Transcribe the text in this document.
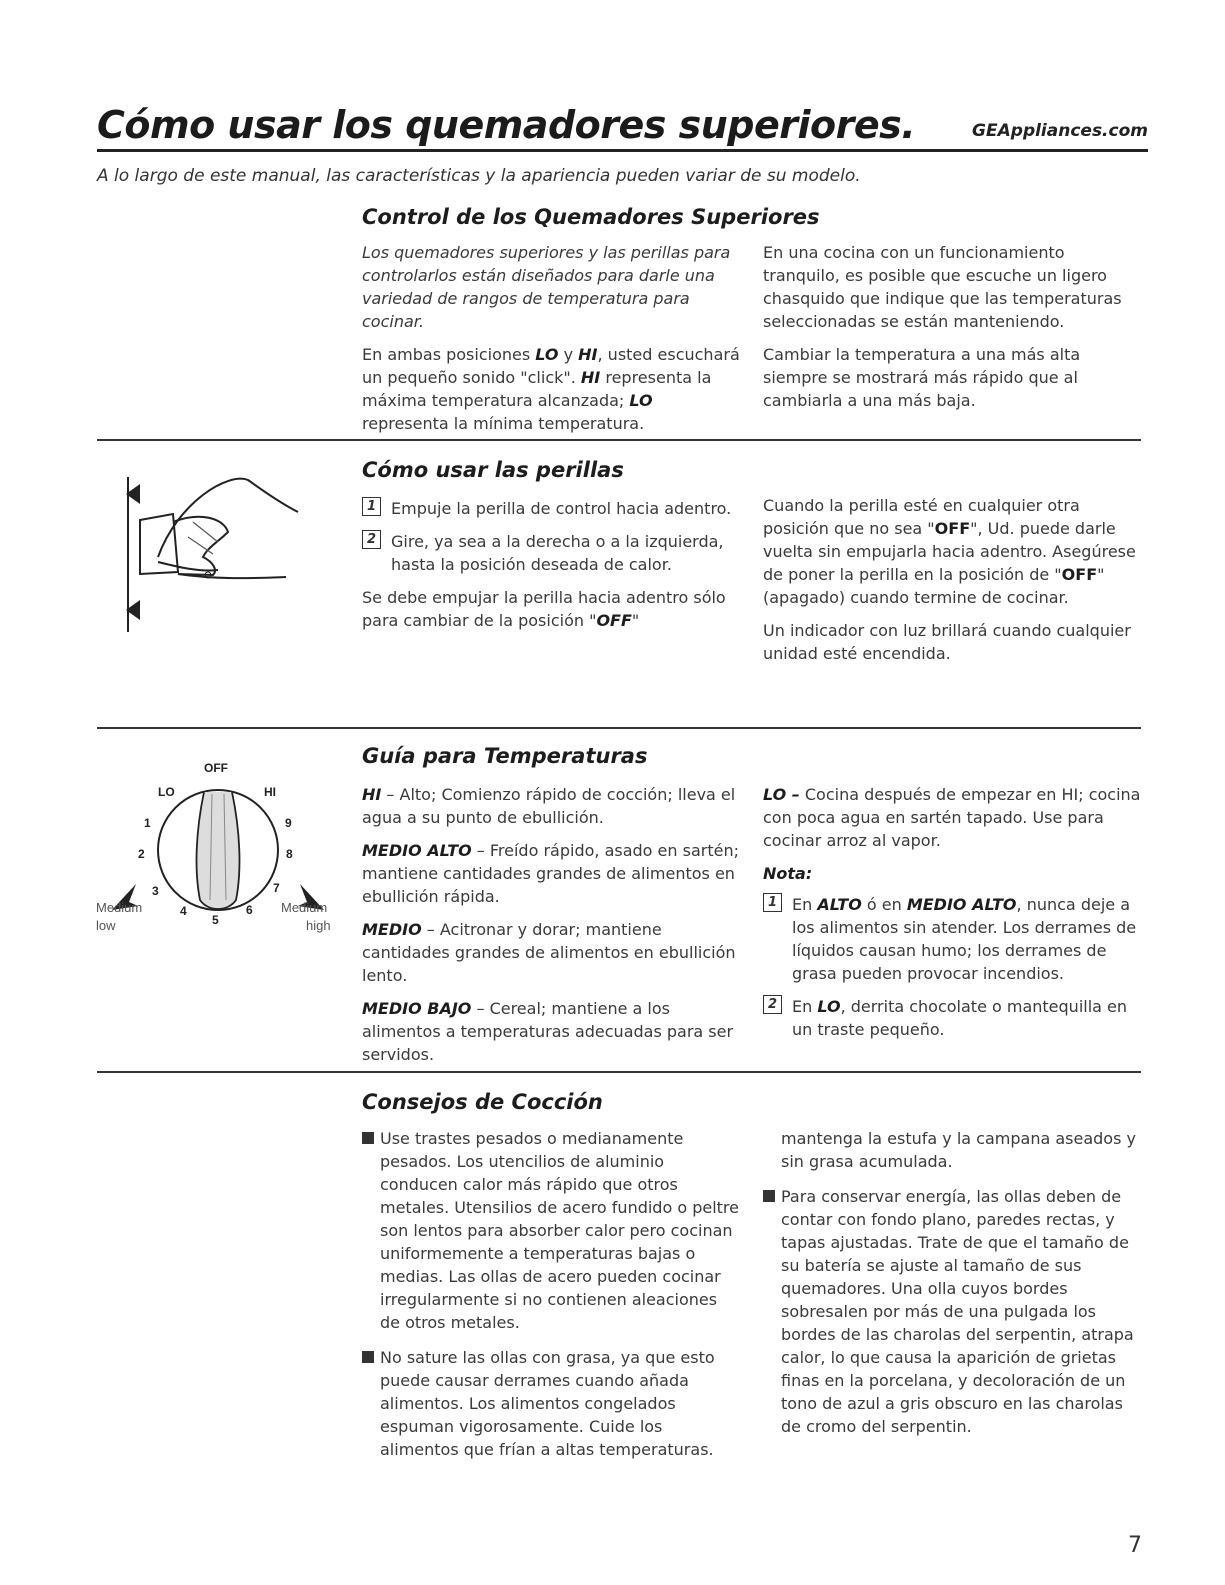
Cómo usar los quemadores superiores.	GEAppliances.com
A lo largo de este manual, las características y la apariencia pueden variar de su modelo.
Control de los Quemadores Superiores

Los quemadores superiores y las perillas para controlarlos están diseñados para darle una variedad de rangos de temperatura para cocinar.

En ambas posiciones LO y HI, usted escuchará un pequeño sonido "click". HI representa la máxima temperatura alcanzada; LO representa la mínima temperatura.

En una cocina con un funcionamiento tranquilo, es posible que escuche un ligero chasquido que indique que las temperaturas seleccionadas se están manteniendo.

Cambiar la temperatura a una más alta siempre se mostrará más rápido que al cambiarla a una más baja.

Cómo usar las perillas
1 Empuje la perilla de control hacia adentro.
2 Gire, ya sea a la derecha o a la izquierda, hasta la posición deseada de calor.

Se debe empujar la perilla hacia adentro sólo para cambiar de la posición "OFF"

Cuando la perilla esté en cualquier otra posición que no sea "OFF", Ud. puede darle vuelta sin empujarla hacia adentro. Asegúrese de poner la perilla en la posición de "OFF" (apagado) cuando termine de cocinar.

Un indicador con luz brillará cuando cualquier unidad esté encendida.

OFF
LO	HI
1
2
3
4
5
6
7
8
9
Medium
low
Medium
high
Guía para Temperaturas

HI – Alto; Comienzo rápido de cocción; lleva el agua a su punto de ebullición.

MEDIO ALTO – Freído rápido, asado en sartén; mantiene cantidades grandes de alimentos en ebullición rápida.

MEDIO – Acitronar y dorar; mantiene cantidades grandes de alimentos en ebullición lento.

MEDIO BAJO – Cereal; mantiene a los alimentos a temperaturas adecuadas para ser servidos.

LO – Cocina después de empezar en HI; cocina con poca agua en sartén tapado. Use para cocinar arroz al vapor.

Nota:

1 En ALTO ó en MEDIO ALTO, nunca deje a los alimentos sin atender. Los derrames de líquidos causan humo; los derrames de grasa pueden provocar incendios.
2 En LO, derrita chocolate o mantequilla en un traste pequeño.
Consejos de Cocción
Use trastes pesados o medianamente pesados. Los utencilios de aluminio conducen calor más rápido que otros metales. Utensilios de acero fundido o peltre son lentos para absorber calor pero cocinan uniformemente a temperaturas bajas o medias. Las ollas de acero pueden cocinar irregularmente si no contienen aleaciones de otros metales.
No sature las ollas con grasa, ya que esto puede causar derrames cuando añada alimentos. Los alimentos congelados espuman vigorosamente. Cuide los alimentos que frían a altas temperaturas.
mantenga la estufa y la campana aseados y sin grasa acumulada.
Para conservar energía, las ollas deben de contar con fondo plano, paredes rectas, y tapas ajustadas. Trate de que el tamaño de su batería se ajuste al tamaño de sus quemadores. Una olla cuyos bordes sobresalen por más de una pulgada los bordes de las charolas del serpentin, atrapa calor, lo que causa la aparición de grietas finas en la porcelana, y decoloración de un tono de azul a gris obscuro en las charolas de cromo del serpentin.
7
